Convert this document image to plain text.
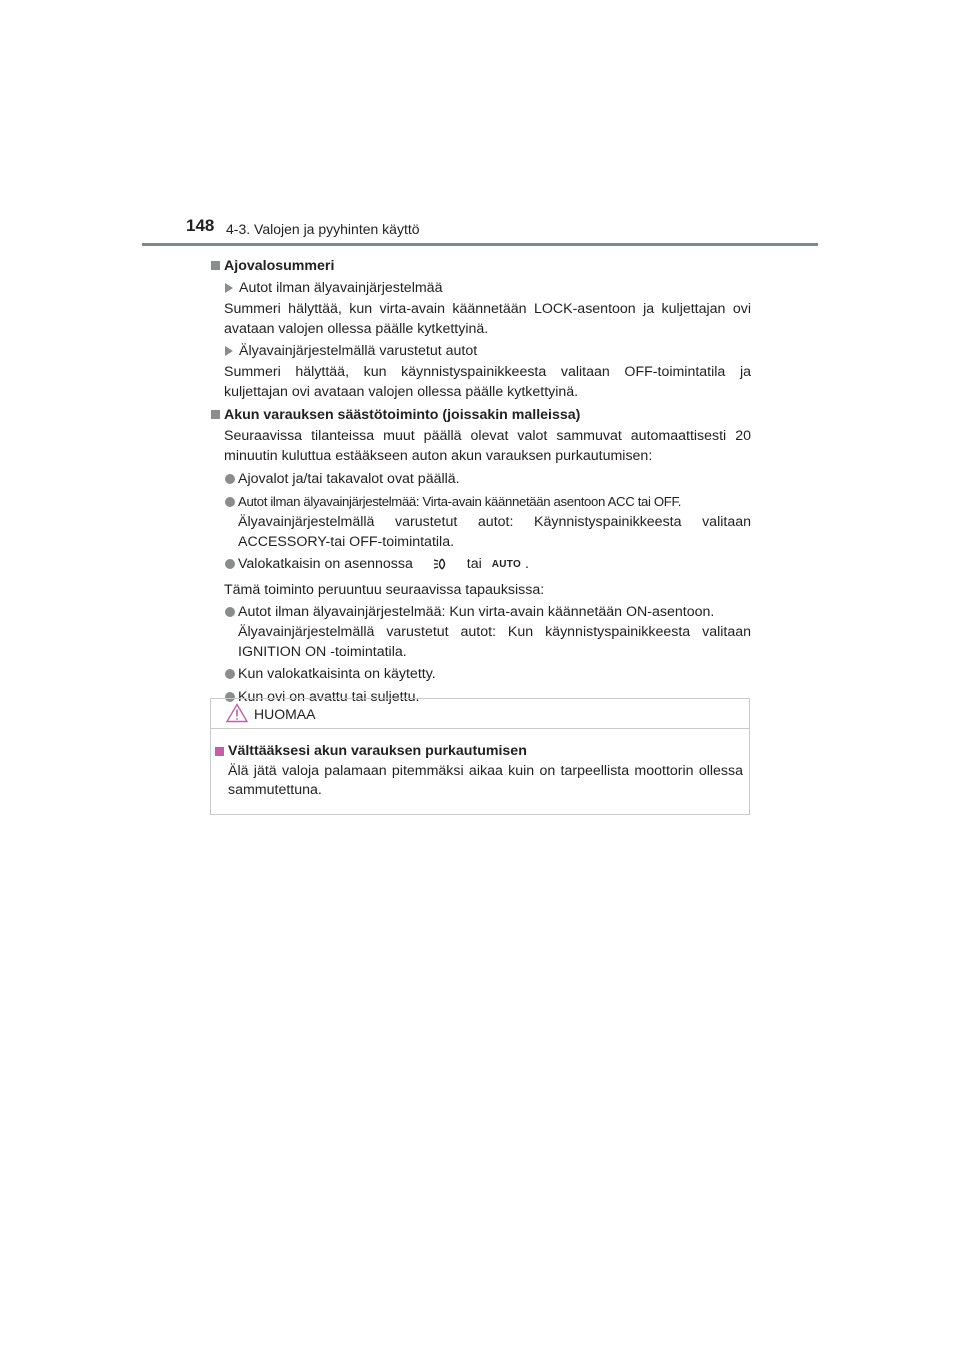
148 4-3. Valojen ja pyyhinten käyttö
Ajovalosummeri
Autot ilman älyavainjärjestelmää
Summeri hälyttää, kun virta-avain käännetään LOCK-asentoon ja kuljettajan ovi avataan valojen ollessa päälle kytkettyinä.
Älyavainjärjestelmällä varustetut autot
Summeri hälyttää, kun käynnistyspainikkeesta valitaan OFF-toimintatila ja kuljettajan ovi avataan valojen ollessa päälle kytkettyinä.
Akun varauksen säästötoiminto (joissakin malleissa)
Seuraavissa tilanteissa muut päällä olevat valot sammuvat automaattisesti 20 minuutin kuluttua estääkseen auton akun varauksen purkautumisen:
Ajovalot ja/tai takavalot ovat päällä.
Autot ilman älyavainjärjestelmää: Virta-avain käännetään asentoon ACC tai OFF.
Älyavainjärjestelmällä varustetut autot: Käynnistyspainikkeesta valitaan ACCESSORY-tai OFF-toimintatila.
Valokatkaisin on asennossa	tai AUTO .
Tämä toiminto peruuntuu seuraavissa tapauksissa:
Autot ilman älyavainjärjestelmää: Kun virta-avain käännetään ON-asentoon.
Älyavainjärjestelmällä varustetut autot: Kun käynnistyspainikkeesta valitaan IGNITION ON -toimintatila.
Kun valokatkaisinta on käytetty.
Kun ovi on avattu tai suljettu.
HUOMAA
Välttääksesi akun varauksen purkautumisen
Älä jätä valoja palamaan pitemmäksi aikaa kuin on tarpeellista moottorin ollessa sammutettuna.
